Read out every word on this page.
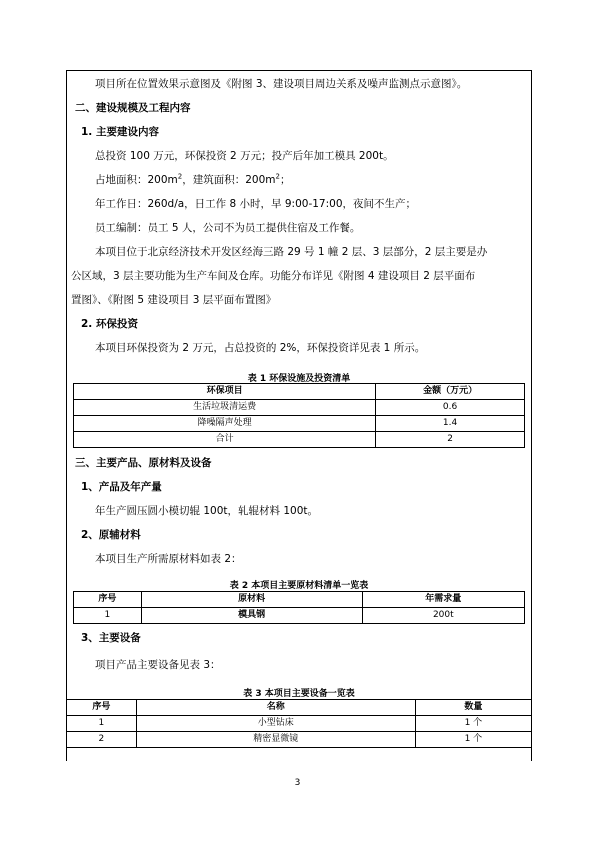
项目所在位置效果示意图及《附图 3、建设项目周边关系及噪声监测点示意图》。
二、建设规模及工程内容
1. 主要建设内容
总投资 100 万元，环保投资 2 万元；投产后年加工模具 200t。
占地面积：$200m^2$，建筑面积：$200m^2$；
年工作日：260d/a，日工作 8 小时，早 9:00-17:00，夜间不生产；
员工编制：员工 5 人，公司不为员工提供住宿及工作餐。
本项目位于北京经济技术开发区经海三路 29 号 1 幢 2 层、3 层部分，2 层主要是办
公区域，3 层主要功能为生产车间及仓库。功能分布详见《附图 4 建设项目 2 层平面布
置图》、《附图 5 建设项目 3 层平面布置图》
2. 环保投资
本项目环保投资为 2 万元，占总投资的 2%，环保投资详见表 1 所示。
表 1 环保设施及投资清单
环保项目	金额（万元）
生活垃圾清运费	0.6
降噪隔声处理	1.4
合计	2
三、主要产品、原材料及设备
1、产品及年产量
年生产圆压圆小模切辊 100t，轧辊材料 100t。
2、原辅材料
本项目生产所需原材料如表 2：
表 2 本项目主要原材料清单一览表
序号	原材料	年需求量
1	模具钢	200t
3、主要设备
项目产品主要设备见表 3：
表 3 本项目主要设备一览表
序号	名称	数量
1	小型钻床	1 个
2	精密显微镜	1 个
3
